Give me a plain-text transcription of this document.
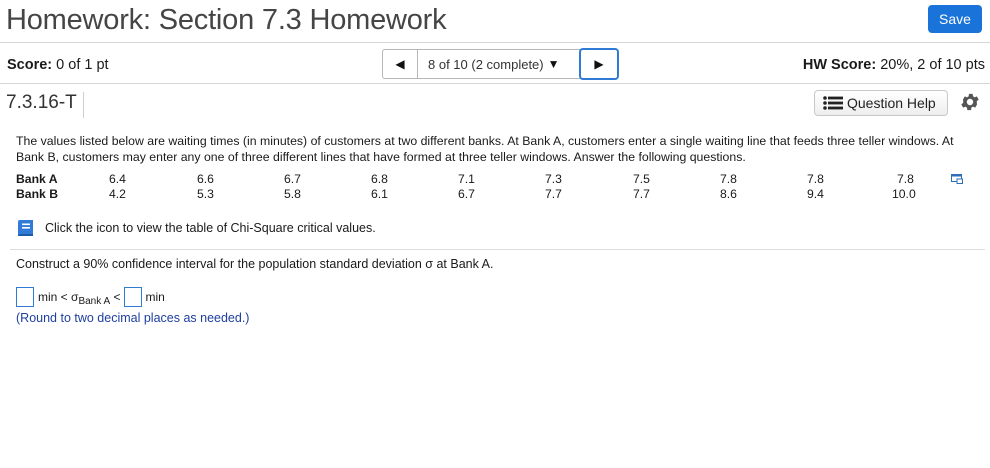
Homework: Section 7.3 Homework	Save
Score: 0 of 1 pt	◀ 8 of 10 (2 complete) ▼	▶	HW Score: 20%, 2 of 10 pts
7.3.16-T	Question Help
The values listed below are waiting times (in minutes) of customers at two different banks. At Bank A, customers enter a single waiting line that feeds three teller windows. At Bank B, customers may enter any one of three different lines that have formed at three teller windows. Answer the following questions.
Bank A	6.4	6.6	6.7	6.8	7.1	7.3	7.5	7.8	7.8	7.8
Bank B	4.2	5.3	5.8	6.1	6.7	7.7	7.7	8.6	9.4	10.0
Click the icon to view the table of Chi-Square critical values.
Construct a 90% confidence interval for the population standard deviation σ at Bank A.
$\min < \sigma_{Bank A} < \min$
(Round to two decimal places as needed.)
